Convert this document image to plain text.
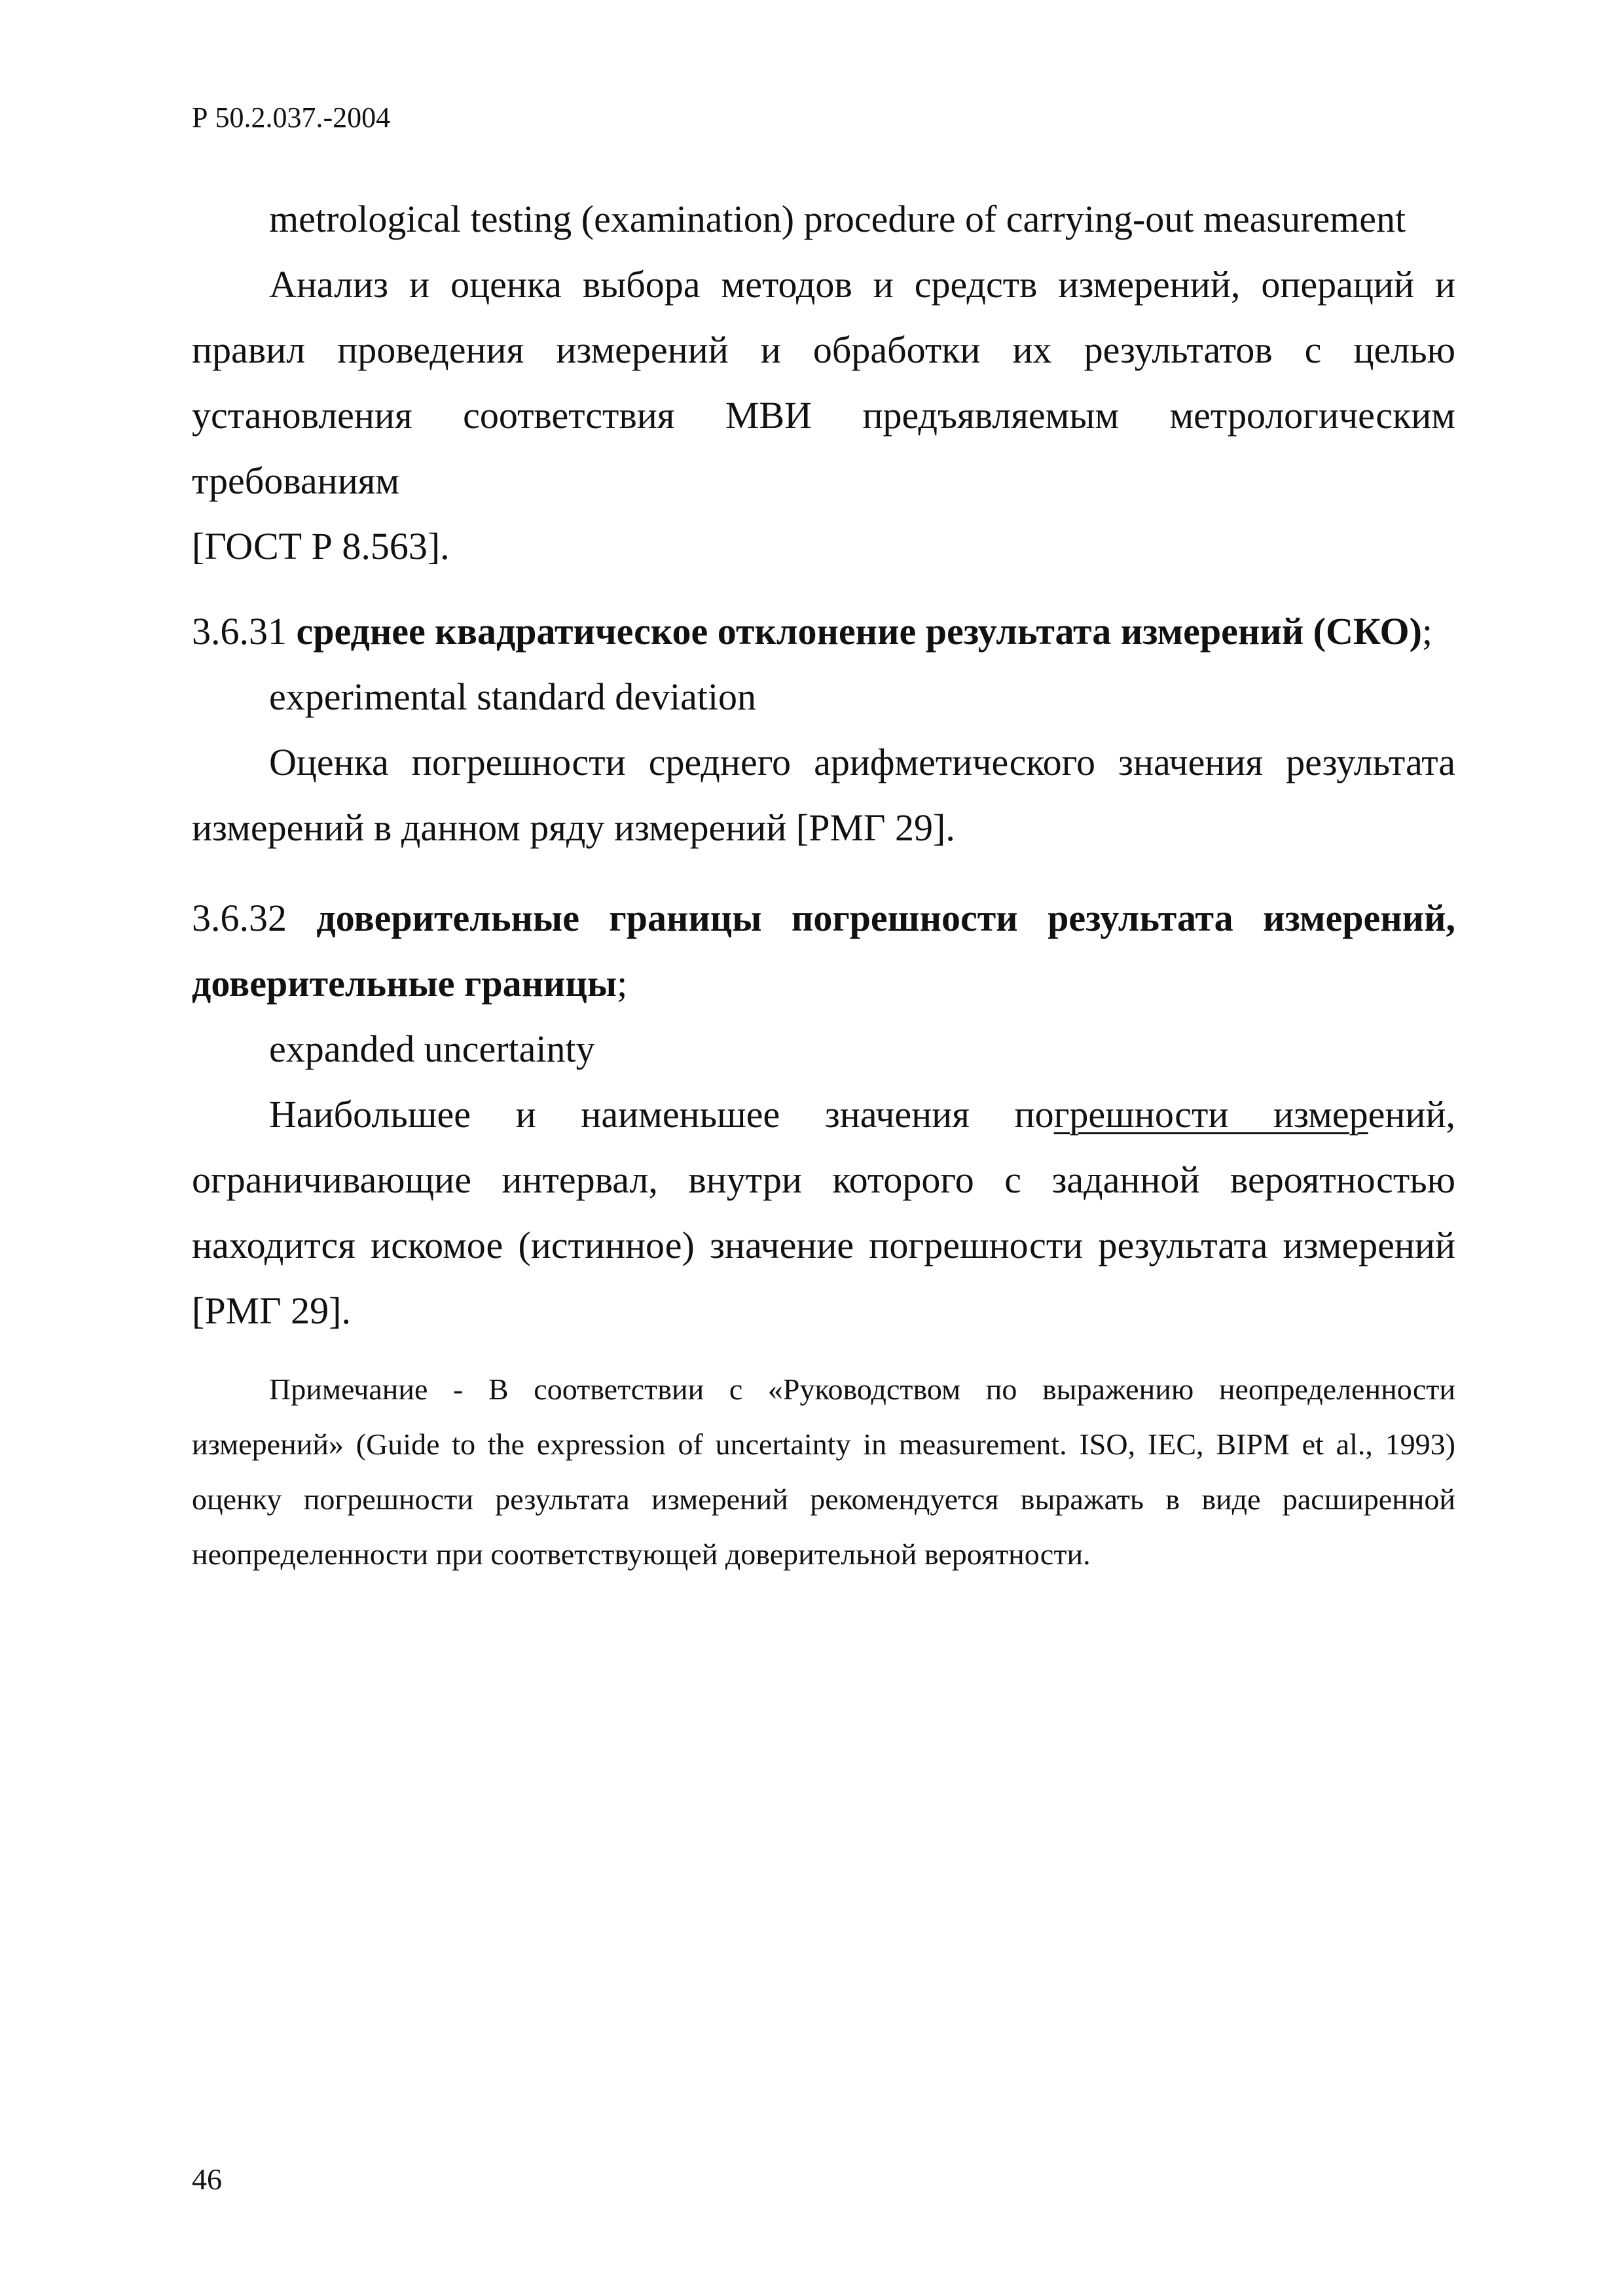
Р 50.2.037.-2004

metrological testing (examination) procedure of carrying-out measurement

Анализ и оценка выбора методов и средств измерений, операций и правил проведения измерений и обработки их результатов с целью установления соответствия МВИ предъявляемым метрологическим требованиям

[ГОСТ Р 8.563].

3.6.31 среднее квадратическое отклонение результата измерений (СКО);

experimental standard deviation

Оценка погрешности среднего арифметического значения результата измерений в данном ряду измерений [РМГ 29].

3.6.32 доверительные границы погрешности результата измерений,

доверительные границы;

expanded uncertainty

Наибольшее и наименьшее значения погрешности измерений, ограничивающие интервал, внутри которого с заданной вероятностью находится искомое (истинное) значение погрешности результата измерений [РМГ 29].

Примечание - В соответствии с «Руководством по выражению неопределенности измерений» (Guide to the expression of uncertainty in measurement. ISO, IEC, BIPM et al., 1993) оценку погрешности результата измерений рекомендуется выражать в виде расширенной неопределенности при соответствующей доверительной вероятности.

46
